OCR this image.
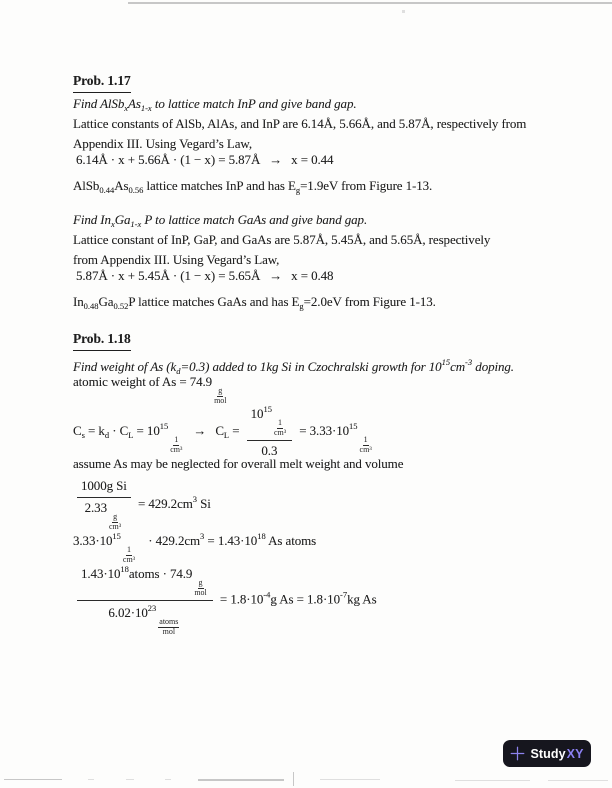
Prob. 1.17
Find $AlSb_xAs_{1-x}$ to lattice match InP and give band gap.
Lattice constants of AlSb, AlAs, and InP are 6.14Å, 5.66Å, and 5.87Å, respectively from
Appendix III. Using Vegard’s Law,
6.14Å · x + 5.66Å · (1 − x) = 5.87Å → x = 0.44
$AlSb_{0.44}As_{0.56}$ lattice matches InP and has $E_g=1.9eV$ from Figure 1-13.
Find $In_xGa_{1-x}$ P to lattice match GaAs and give band gap.
Lattice constant of InP, GaP, and GaAs are 5.87Å, 5.45Å, and 5.65Å, respectively
from Appendix III. Using Vegard’s Law,
5.87Å · x + 5.45Å · (1 − x) = 5.65Å → x = 0.48
$In_{0.48}Ga_{0.52}P$ lattice matches GaAs and has $E_g=2.0eV$ from Figure 1-13.
Prob. 1.18
Find weight of As $(k_d=0.3)$ added to 1kg Si in Czochralski growth for $10^{15}cm^{-3}$ doping.
atomic weight of As = 74.9
g
mol
$C_s = k_d \cdot C_L = 10^{15}$
$\frac{1}{\text{cm³}}$
→ $C_L = 10^{15}$
$\frac{1}{\text{cm³}}$
$0.3 = 3.33\cdot 10^{15}$
$\frac{1}{\text{cm³}}$
assume As may be neglected for overall melt weight and volume
1000g Si
2.33
$\frac{g}{\text{cm³}}$
= $429.2cm^3$ Si
$3.33\cdot 10^{15}$
$\frac{1}{\text{cm³}}$
· $429.2cm^3 = 1.43\cdot 10^{18}$ As atoms
$1.43\cdot 10^{18}atoms \cdot 74.9$
g
mol
$6.02\cdot 10^{23}$
atoms
mol
= $1.8\cdot 10^{-4}g$ $As = 1.8\cdot 10^{-7}kg$ As
Study XY
